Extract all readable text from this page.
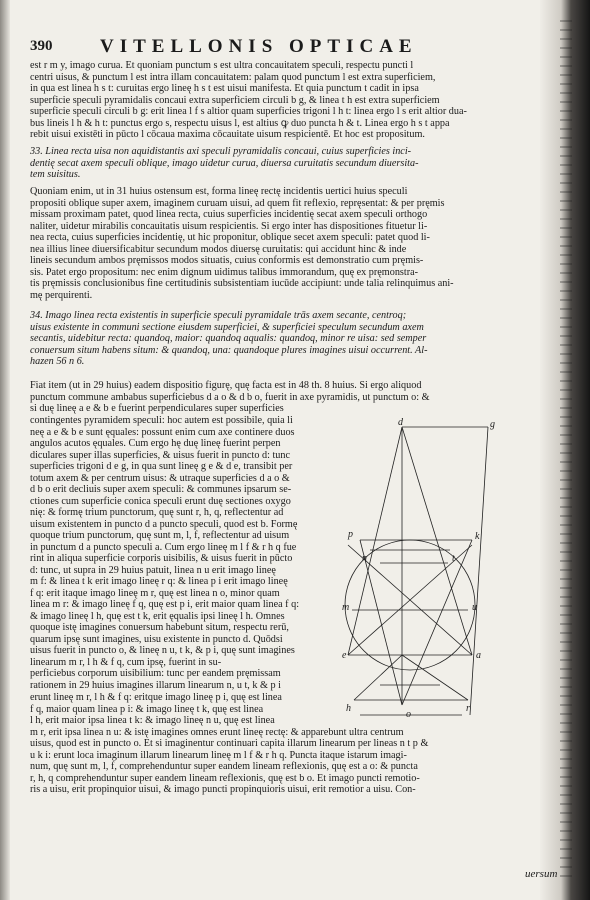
390	VITELLONIS OPTICAE
est r m y, imago curua. Et quoniam punctum s est ultra concauitatem speculi, respectu puncti l
centri uisus, & punctum l est intra illam concauitatem: palam quod punctum l est extra superficiem,
in qua est linea h s t: curuitas ergo lineę h s t est uisui manifesta. Et quia punctum t cadit in ipsa
superficie speculi pyramidalis concaui extra superficiem circuli b g, & linea t h est extra superficiem
superficie speculi circuli b g: erit linea l f s altior quam superficies trigoni l h t: linea ergo l s erit altior dua-
bus lineis l h & h t: punctus ergo s, respectu uisus l, est altius ꝙ duo puncta h & t. Linea ergo h s t appa
rebit uisui existēti in pūcto l cōcaua maxima cōcauitate uisum respicientē. Et hoc est propositum.
33. Linea recta uisa non aquidistantis axi speculi pyramidalis concaui, cuius superficies inci-
dentię secat axem speculi oblique, imago uidetur curua, diuersa curuitatis secundum diuersita-
tem suisitus.
Quoniam enim, ut in 31 huius ostensum est, forma lineę rectę incidentis uertici huius speculi
propositi oblique super axem, imaginem curuam uisui, ad quem fit reflexio, repręsentat: & per pręmis
missam proximam patet, quod linea recta, cuius superficies incidentię secat axem speculi orthogo
naliter, uidetur mirabilis concauitatis uisum respicientis. Si ergo inter has dispositiones fituetur li-
nea recta, cuius superficies incidentię, ut hic proponitur, oblique secet axem speculi: patet quod li-
nea illius linee diuersificabitur secundum modos diuersę curuitatis: qui accidunt hinc & inde
lineis secundum ambos pręmissos modos situatis, cuius conformis est demonstratio cum pręmis-
sis. Patet ergo propositum: nec enim dignum uidimus talibus immorandum, quę ex pręmonstra-
tis pręmissis conclusionibus fine certitudinis subsistentiam iucūde accipiunt: unde talia relinquimus ani-
mę perquirenti.
34. Imago linea recta existentis in superficie speculi pyramidale trās axem secante, centroq;
uisus existente in communi sectione eiusdem superficiei, & superficiei speculum secundum axem
secantis, uidebitur recta: quandoq, maior: quandoq aqualis: quandoq, minor re uisa: sed semper
conuersum situm habens situm: & quandoq, una: quandoque plures imagines uisui occurrent. Al-
hazen 56 n 6.
Fiat item (ut in 29 huius) eadem dispositio figurę, quę facta est in 48 th. 8 huius. Si ergo aliquod
punctum commune ambabus superficiebus d a o & d b o, fuerit in axe pyramidis, ut punctum o: &
si duę lineę a e & b e fuerint perpendiculares super superficies
contingentes pyramidem speculi: hoc autem est possibile, quia li
neę a e & b e sunt ęquales: possunt enim cum axe continere duos
angulos acutos ęquales. Cum ergo hę duę lineę fuerint perpen
diculares super illas superficies, & uisus fuerit in puncto d: tunc
superficies trigoni d e g, in qua sunt lineę g e & d e, transibit per
totum axem & per centrum uisus: & utraque superficies d a o &
d b o erit decliuis super axem speculi: & communes ipsarum se-
ctiones cum superficie conica speculi erunt duę sectiones oxygo
nię: & formę trium punctorum, quę sunt r, h, q, reflectentur ad
uisum existentem in puncto d a puncto speculi, quod est b. Formę
quoque trium punctorum, quę sunt m, l, f, reflectentur ad uisum
in punctum d a puncto speculi a. Cum ergo lineę m l f & r h q fue
rint in aliqua superficie corporis uisibilis, & uisus fuerit in pūcto
d: tunc, ut supra in 29 huius patuit, linea n u erit imago lineę
m f: & linea t k erit imago lineę r q: & linea p i erit imago lineę
f q: erit itaque imago lineę m r, quę est linea n o, minor quam
linea m r: & imago lineę f q, quę est p i, erit maior quam linea f q:
& imago lineę l h, quę est t k, erit ęqualis ipsi lineę l h. Omnes
quoque istę imagines conuersum habebunt situm, respectu rerū,
quarum ipsę sunt imagines, uisu existente in puncto d. Quōdsi
uisus fuerit in puncto o, & lineę n u, t k, & p i, quę sunt imagines
linearum m r, l h & f q, cum ipsę, fuerint in su-
perficiebus corporum uisibilium: tunc per eandem pręmissam
rationem in 29 huius imagines illarum linearum n, u t, k & p i
erunt lineę m r, l h & f q: eritque imago lineę p i, quę est linea
f q, maior quam linea p i: & imago lineę t k, quę est linea
l h, erit maior ipsa linea t k: & imago lineę n u, quę est linea
m r, erit ipsa linea n u: & istę imagines omnes erunt lineę rectę: & apparebunt ultra centrum
uisus, quod est in puncto o. Et si imaginentur continuari capita illarum linearum per lineas n t p &
u k i: erunt loca imaginum illarum linearum lineę m l f & r h q. Puncta itaque istarum imagi-
num, quę sunt m, l, f, comprehenduntur super eandem lineam reflexionis, quę est a o: & puncta
r, h, q comprehenduntur super eandem lineam reflexionis, quę est b o. Et imago puncti remotio-
ris a uisu, erit propinquior uisui, & imago puncti propinquioris uisui, erit remotior a uisu. Con-
uersum
d	g
p	k
n
m
t
u
e	a
h
o
r
